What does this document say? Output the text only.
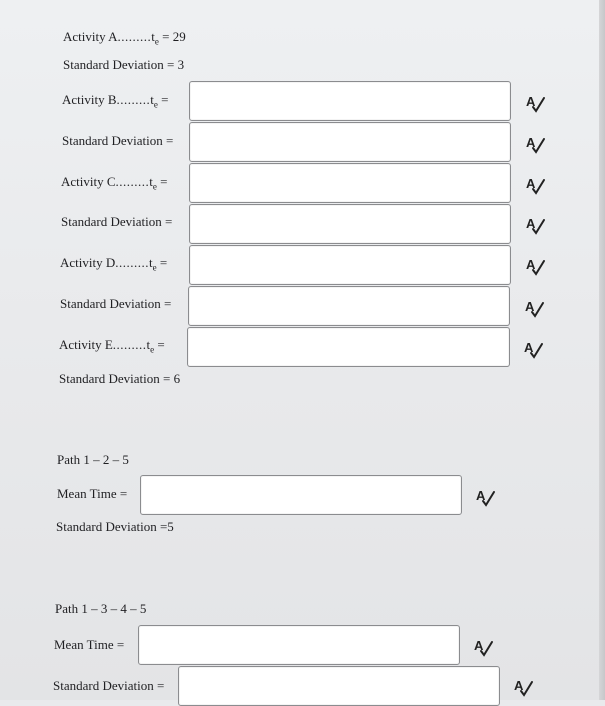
Activity $A.........t_e = 29$
Standard Deviation = 3
Activity $B.........t_e$ =	A
Standard Deviation =	A
Activity $C.........t_e$ =	A
Standard Deviation =	A
Activity $D.........t_e$ =	A
Standard Deviation =	A
Activity $E.........t_e$ =	A
Standard Deviation = 6
Path 1 – 2 – 5
Mean Time =	A
Standard Deviation =5
Path 1 – 3 – 4 – 5
Mean Time =	A
Standard Deviation =	A
